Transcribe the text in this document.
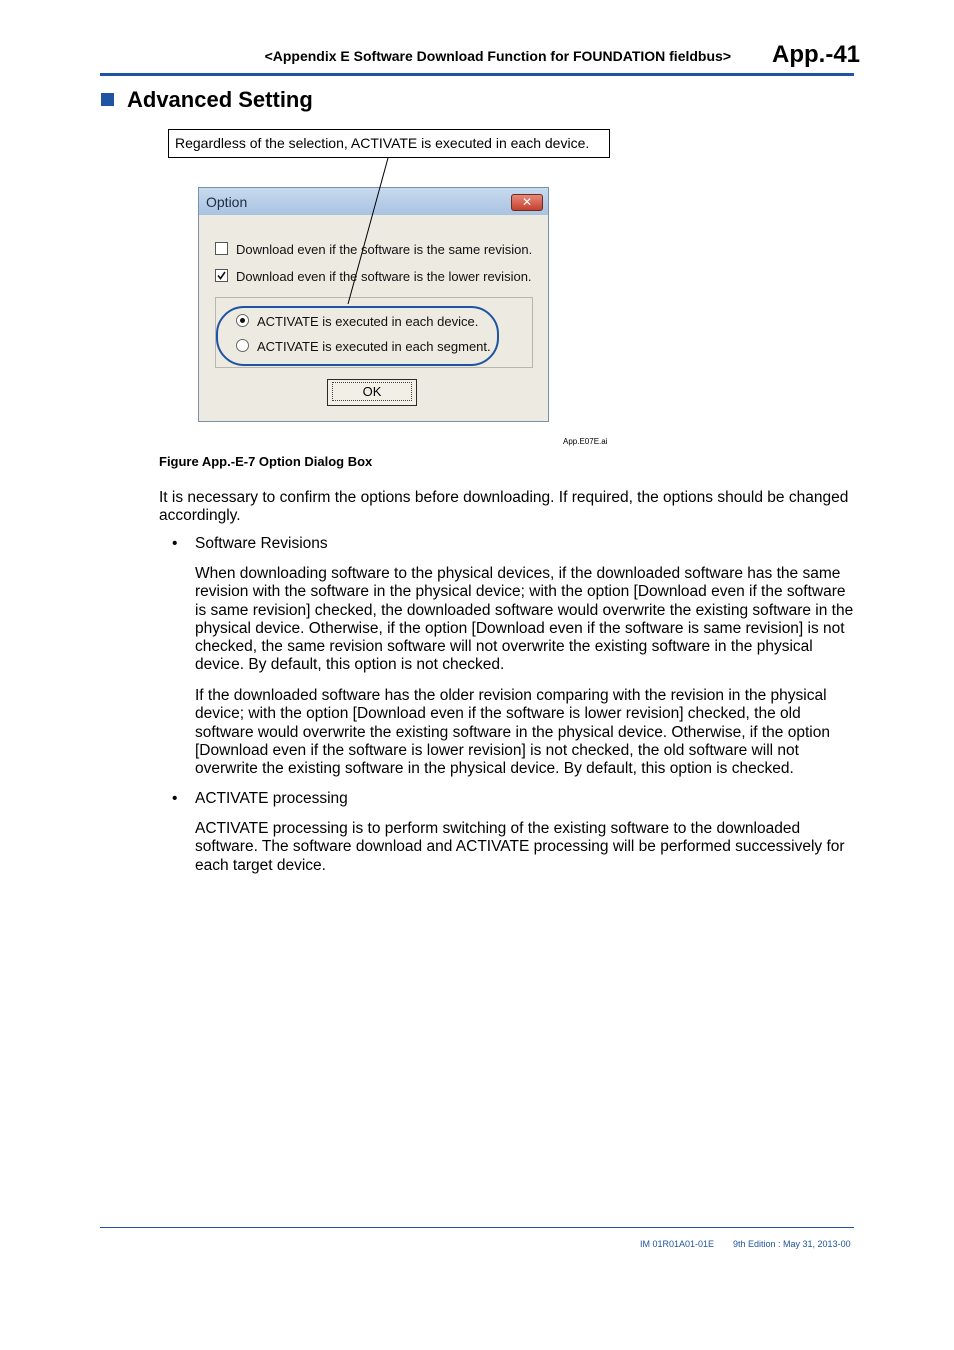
<Appendix E Software Download Function for FOUNDATION fieldbus> App.-41
Advanced Setting
Regardless of the selection, ACTIVATE is executed in each device.
Option	✕
Download even if the software is the same revision.
Download even if the software is the lower revision.
ACTIVATE is executed in each device.
ACTIVATE is executed in each segment.
OK
App.E07E.ai
Figure App.-E-7 Option Dialog Box
It is necessary to confirm the options before downloading. If required, the options should be changed accordingly.
• Software Revisions
When downloading software to the physical devices, if the downloaded software has the same revision with the software in the physical device; with the option [Download even if the software is same revision] checked, the downloaded software would overwrite the existing software in the physical device. Otherwise, if the option [Download even if the software is same revision] is not checked, the same revision software will not overwrite the existing software in the physical device. By default, this option is not checked.
If the downloaded software has the older revision comparing with the revision in the physical device; with the option [Download even if the software is lower revision] checked, the old software would overwrite the existing software in the physical device. Otherwise, if the option [Download even if the software is lower revision] is not checked, the old software will not overwrite the existing software in the physical device. By default, this option is checked.
• ACTIVATE processing
ACTIVATE processing is to perform switching of the existing software to the downloaded software. The software download and ACTIVATE processing will be performed successively for each target device.
IM 01R01A01-01E 9th Edition : May 31, 2013-00
